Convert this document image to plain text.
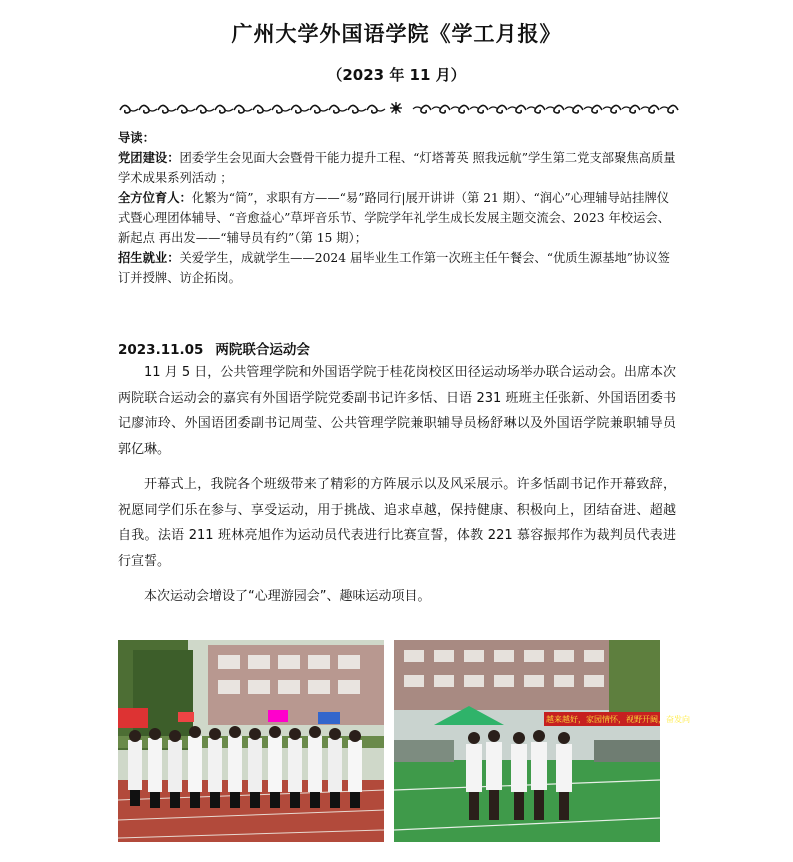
广州大学外国语学院《学工月报》
（2023 年 11 月）

导读：

党团建设：团委学生会见面大会暨骨干能力提升工程、“灯塔菁英 照我远航”学生第二党支部聚焦高质量学术成果系列活动 ；

全方位育人：化繁为“简”，求职有方——“易”路同行|展开讲讲（第 21 期）、“润心”心理辅导站挂牌仪式暨心理团体辅导、“音愈益心”草坪音乐节、学院学年礼学生成长发展主题交流会、2023 年校运会、新起点 再出发——“辅导员有约”（第 15 期）；

招生就业：关爱学生，成就学生——2024 届毕业生工作第一次班主任午餐会、“优质生源基地”协议签订并授牌、访企拓岗。

2023.11.05 两院联合运动会

11 月 5 日，公共管理学院和外国语学院于桂花岗校区田径运动场举办联合运动会。出席本次两院联合运动会的嘉宾有外国语学院党委副书记许多恬、日语 231 班班主任张新、外国语团委书记廖沛玲、外国语团委副书记周莹、公共管理学院兼职辅导员杨舒琳以及外国语学院兼职辅导员郭亿琳。

开幕式上，我院各个班级带来了精彩的方阵展示以及风采展示。许多恬副书记作开幕致辞，祝愿同学们乐在参与、享受运动，用于挑战、追求卓越，保持健康、积极向上，团结奋进、超越自我。法语 211 班林亮旭作为运动员代表进行比赛宣誓，体教 221 慕容振邦作为裁判员代表进行宣誓。

本次运动会增设了“心理游园会”、趣味运动项目。

越来越好，家园情怀，视野开阔，奋发向
